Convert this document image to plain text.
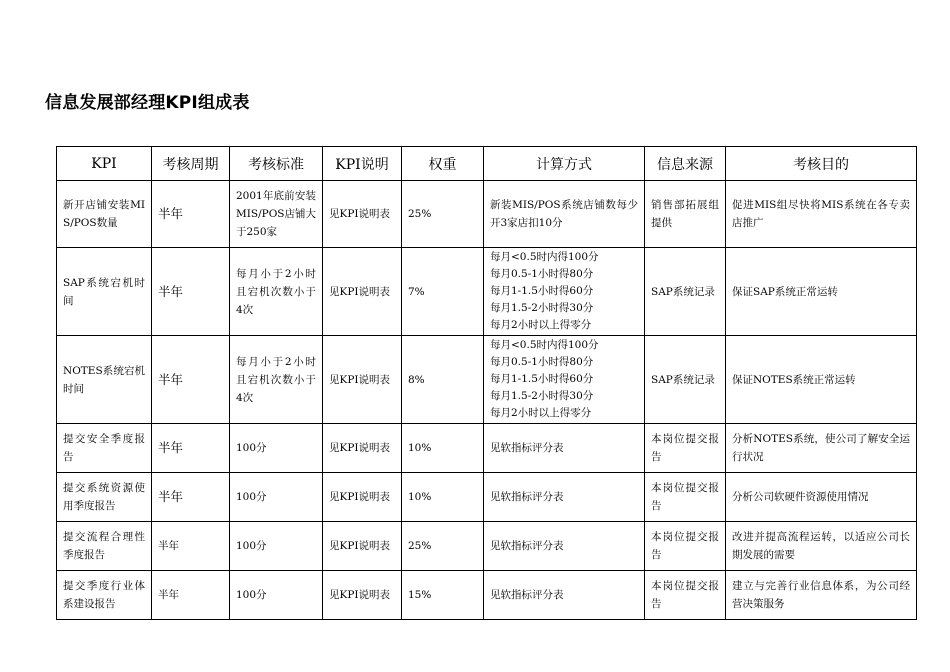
信息发展部经理KPI组成表
KPI	考核周期	考核标准	KPI说明	权重	计算方式	信息来源	考核目的
新开店铺安装MIS/POS数量	半年	2001年底前安装MIS/POS店铺大于250家	见KPI说明表	25%	新装MIS/POS系统店铺数每少开3家店扣10分	销售部拓展组提供	促进MIS组尽快将MIS系统在各专卖店推广
SAP系统宕机时间	半年	每月小于2小时且宕机次数小于4次	见KPI说明表	7%	每月<0.5时内得100分
每月0.5-1小时得80分
每月1-1.5小时得60分
每月1.5-2小时得30分
每月2小时以上得零分	SAP系统记录	保证SAP系统正常运转
NOTES系统宕机时间	半年	每月小于2小时且宕机次数小于4次	见KPI说明表	8%	每月<0.5时内得100分
每月0.5-1小时得80分
每月1-1.5小时得60分
每月1.5-2小时得30分
每月2小时以上得零分	SAP系统记录	保证NOTES系统正常运转
提交安全季度报告	半年	100分	见KPI说明表	10%	见软指标评分表	本岗位提交报告	分析NOTES系统，使公司了解安全运行状况
提交系统资源使用季度报告	半年	100分	见KPI说明表	10%	见软指标评分表	本岗位提交报告	分析公司软硬件资源使用情况
提交流程合理性季度报告	半年	100分	见KPI说明表	25%	见软指标评分表	本岗位提交报告	改进并提高流程运转，以适应公司长期发展的需要
提交季度行业体系建设报告	半年	100分	见KPI说明表	15%	见软指标评分表	本岗位提交报告	建立与完善行业信息体系，为公司经营决策服务
